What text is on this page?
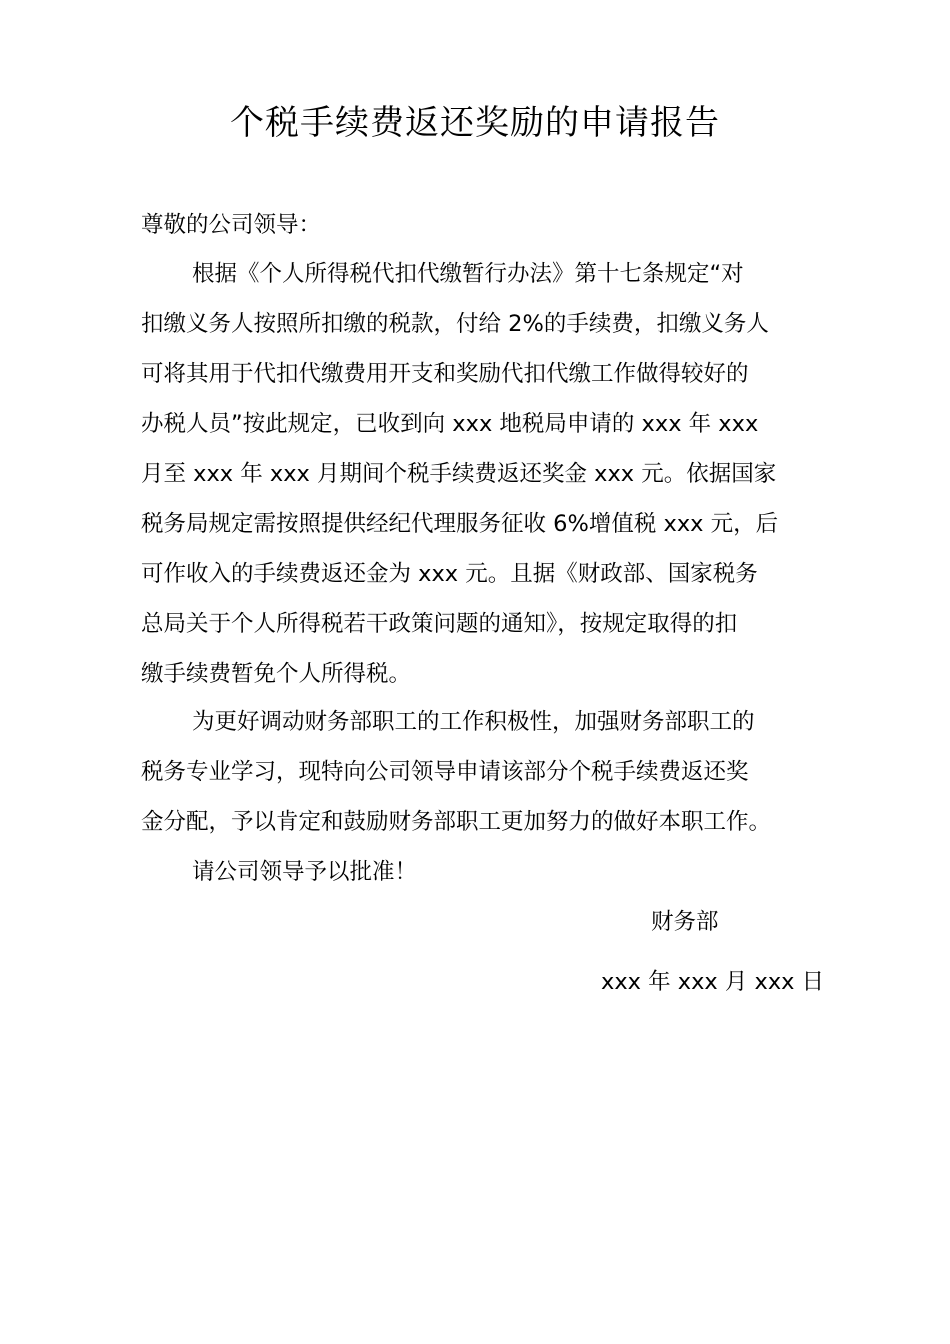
个税手续费返还奖励的申请报告
尊敬的公司领导：
根据《个人所得税代扣代缴暂行办法》第十七条规定“对
扣缴义务人按照所扣缴的税款，付给 2%的手续费，扣缴义务人
可将其用于代扣代缴费用开支和奖励代扣代缴工作做得较好的
办税人员”按此规定，已收到向 xxx 地税局申请的 xxx 年 xxx
月至 xxx 年 xxx 月期间个税手续费返还奖金 xxx 元。依据国家
税务局规定需按照提供经纪代理服务征收 6%增值税 xxx 元，后
可作收入的手续费返还金为 xxx 元。且据《财政部、国家税务
总局关于个人所得税若干政策问题的通知》，按规定取得的扣
缴手续费暂免个人所得税。
为更好调动财务部职工的工作积极性，加强财务部职工的
税务专业学习，现特向公司领导申请该部分个税手续费返还奖
金分配，予以肯定和鼓励财务部职工更加努力的做好本职工作。
请公司领导予以批准！
财务部
xxx 年 xxx 月 xxx 日
